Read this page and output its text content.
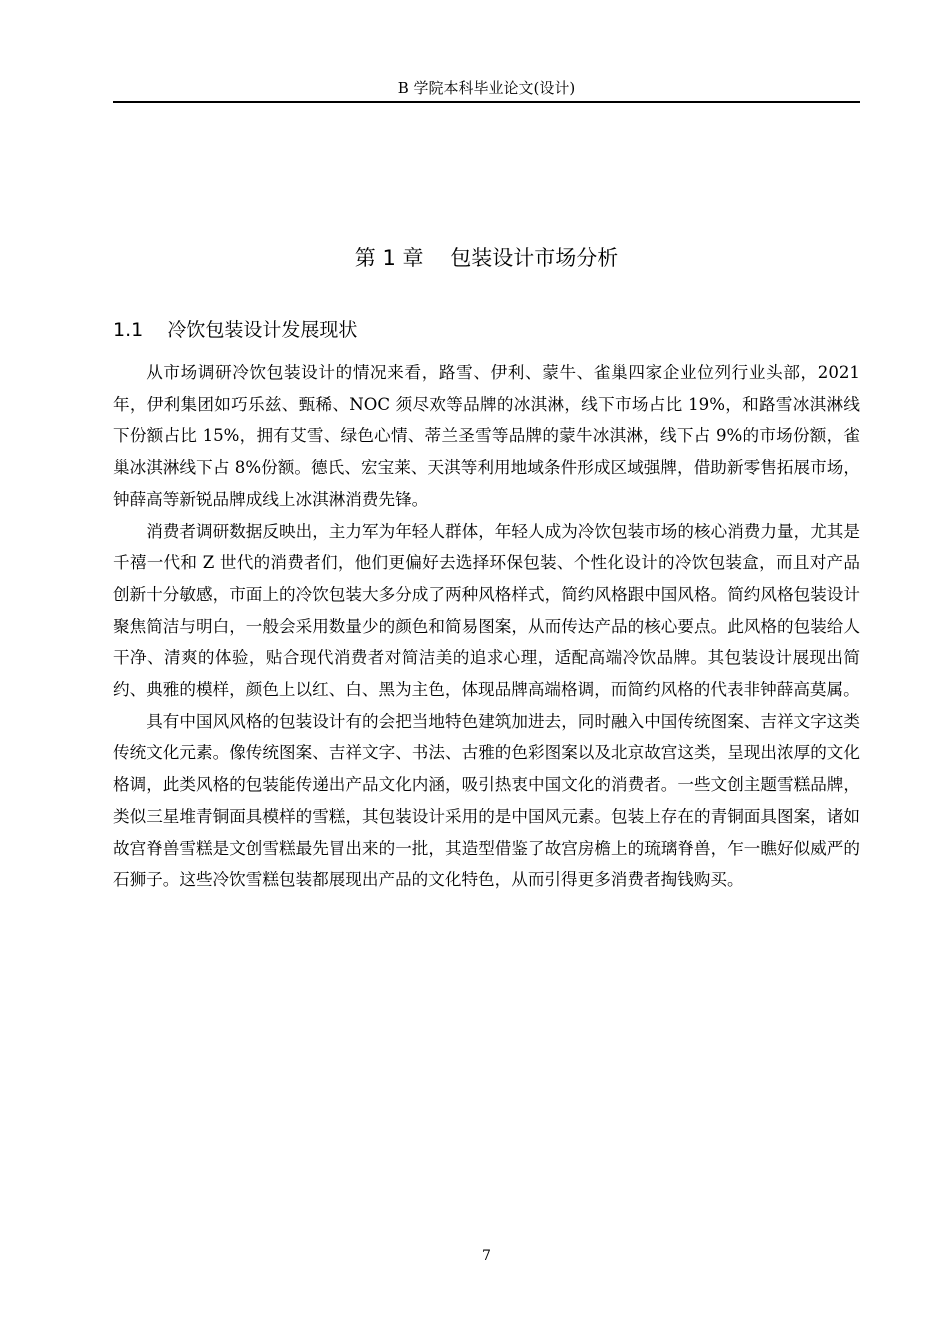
B 学院本科毕业论文(设计)
第 1 章    包装设计市场分析
1.1    冷饮包装设计发展现状

从市场调研冷饮包装设计的情况来看，路雪、伊利、蒙牛、雀巢四家企业位列行业头部，2021 年，伊利集团如巧乐兹、甄稀、NOC 须尽欢等品牌的冰淇淋，线下市场占比 19%，和路雪冰淇淋线下份额占比 15%，拥有艾雪、绿色心情、蒂兰圣雪等品牌的蒙牛冰淇淋，线下占 9%的市场份额，雀巢冰淇淋线下占 8%份额。德氏、宏宝莱、天淇等利用地域条件形成区域强牌，借助新零售拓展市场，钟薛高等新锐品牌成线上冰淇淋消费先锋。

消费者调研数据反映出，主力军为年轻人群体，年轻人成为冷饮包装市场的核心消费力量，尤其是千禧一代和 Z 世代的消费者们，他们更偏好去选择环保包装、个性化设计的冷饮包装盒，而且对产品创新十分敏感，市面上的冷饮包装大多分成了两种风格样式，简约风格跟中国风格。简约风格包装设计聚焦简洁与明白，一般会采用数量少的颜色和简易图案，从而传达产品的核心要点。此风格的包装给人干净、清爽的体验，贴合现代消费者对简洁美的追求心理，适配高端冷饮品牌。其包装设计展现出简约、典雅的模样，颜色上以红、白、黑为主色，体现品牌高端格调，而简约风格的代表非钟薛高莫属。

具有中国风风格的包装设计有的会把当地特色建筑加进去，同时融入中国传统图案、吉祥文字这类传统文化元素。像传统图案、吉祥文字、书法、古雅的色彩图案以及北京故宫这类，呈现出浓厚的文化格调，此类风格的包装能传递出产品文化内涵，吸引热衷中国文化的消费者。一些文创主题雪糕品牌，类似三星堆青铜面具模样的雪糕，其包装设计采用的是中国风元素。包装上存在的青铜面具图案，诸如故宫脊兽雪糕是文创雪糕最先冒出来的一批，其造型借鉴了故宫房檐上的琉璃脊兽，乍一瞧好似威严的石狮子。这些冷饮雪糕包装都展现出产品的文化特色，从而引得更多消费者掏钱购买。

7
